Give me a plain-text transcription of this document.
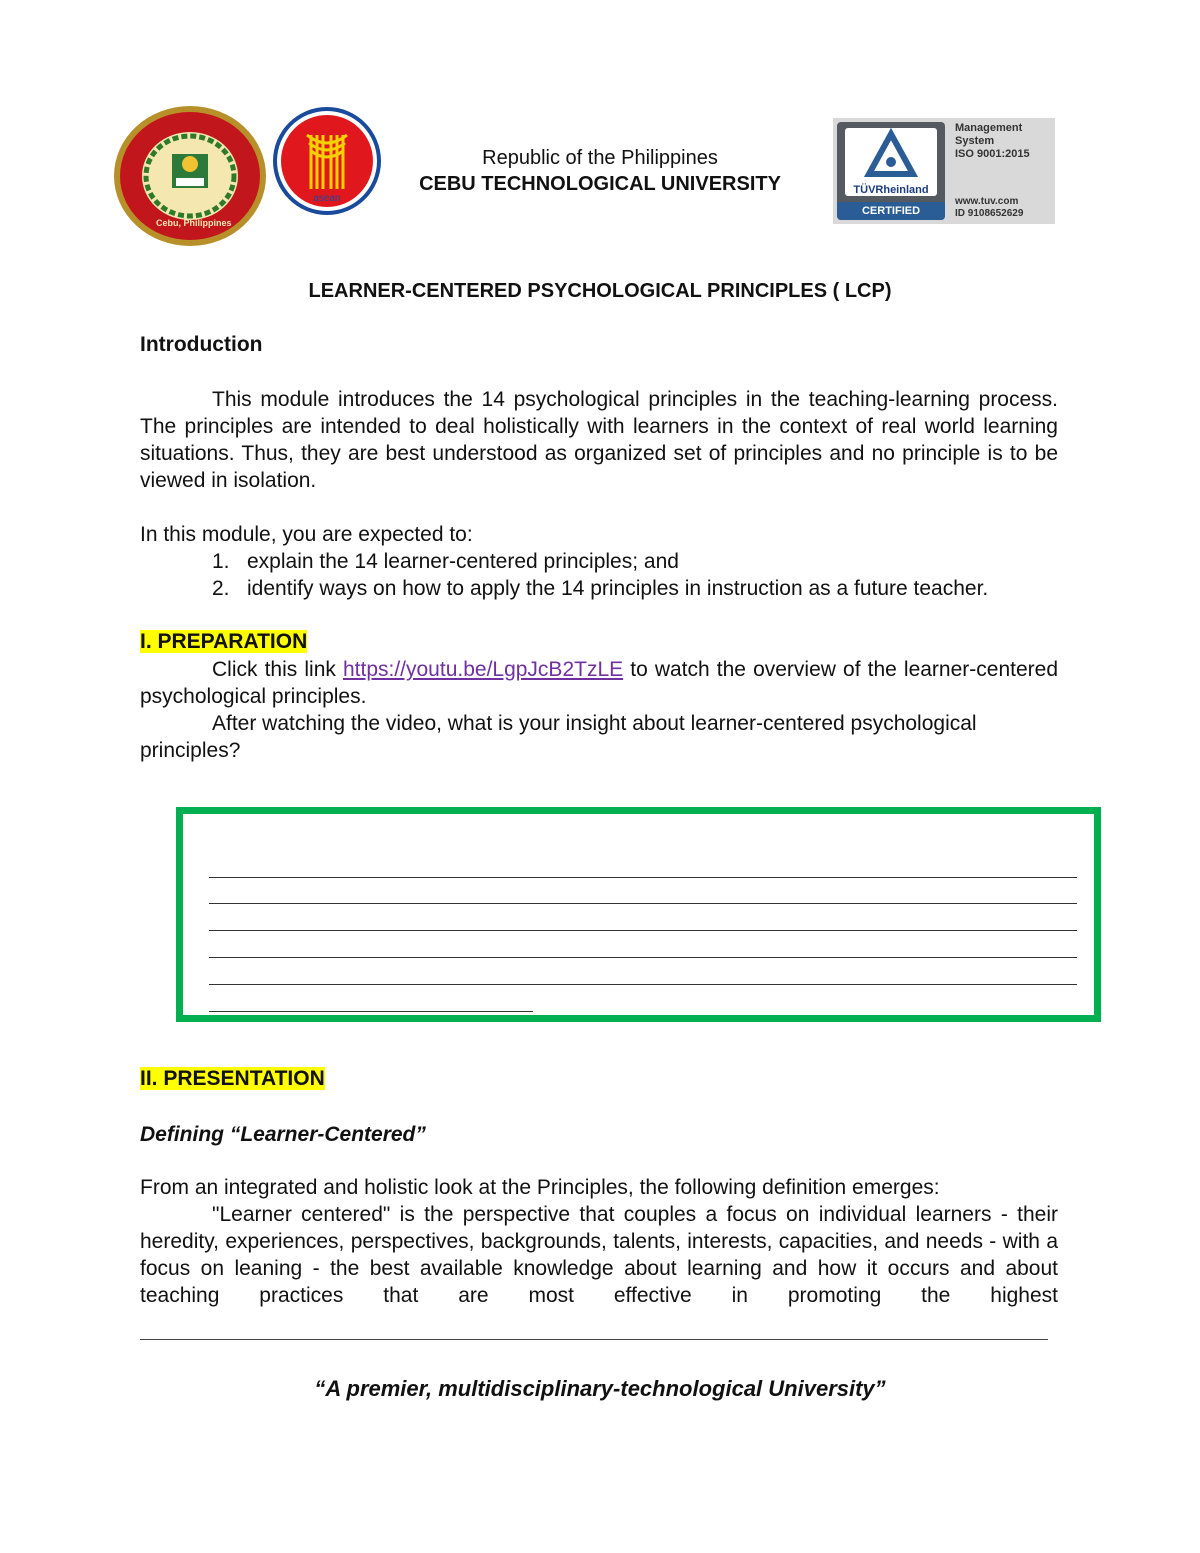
Cebu, Philippines
asean
Republic of the Philippines
CEBU TECHNOLOGICAL UNIVERSITY	TÜVRheinland
CERTIFIED
Management
System
ISO 9001:2015
www.tuv.com
ID 9108652629
LEARNER-CENTERED PSYCHOLOGICAL PRINCIPLES ( LCP)
Introduction
This module introduces the 14 psychological principles in the teaching-learning process. The principles are intended to deal holistically with learners in the context of real world learning situations. Thus, they are best understood as organized set of principles and no principle is to be viewed in isolation.
In this module, you are expected to:
1. explain the 14 learner-centered principles; and
2. identify ways on how to apply the 14 principles in instruction as a future teacher.
I. PREPARATION
Click this link https://youtu.be/LgpJcB2TzLE to watch the overview of the learner-centered psychological principles.
After watching the video, what is your insight about learner-centered psychological principles?
II. PRESENTATION
Defining “Learner-Centered”
From an integrated and holistic look at the Principles, the following definition emerges:
"Learner centered" is the perspective that couples a focus on individual learners - their heredity, experiences, perspectives, backgrounds, talents, interests, capacities, and needs - with a focus on leaning - the best available knowledge about learning and how it occurs and about teaching practices that are most effective in promoting the highest
“A premier, multidisciplinary-technological University”
